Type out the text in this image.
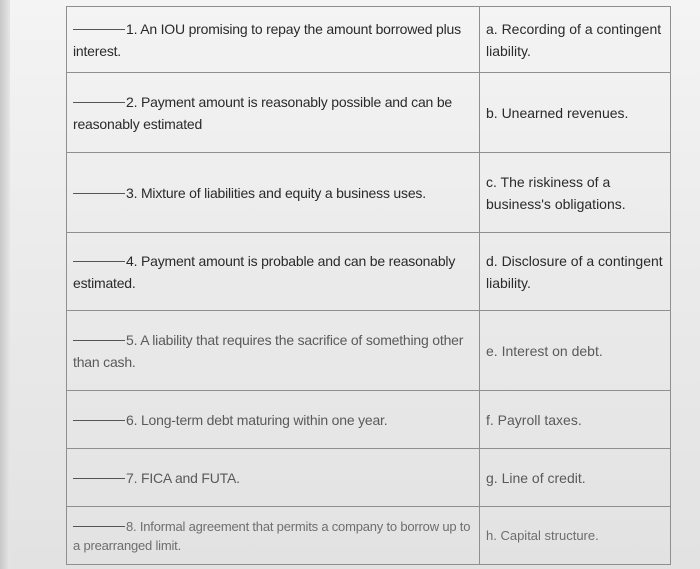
1. An IOU promising to repay the amount borrowed plus interest.	a. Recording of a contingent liability.
2. Payment amount is reasonably possible and can be reasonably estimated	b. Unearned revenues.
3. Mixture of liabilities and equity a business uses.	c. The riskiness of a business's obligations.
4. Payment amount is probable and can be reasonably estimated.	d. Disclosure of a contingent liability.
5. A liability that requires the sacrifice of something other than cash.	e. Interest on debt.
6. Long-term debt maturing within one year.	f. Payroll taxes.
7. FICA and FUTA.	g. Line of credit.
8. Informal agreement that permits a company to borrow up to a prearranged limit.	h. Capital structure.
